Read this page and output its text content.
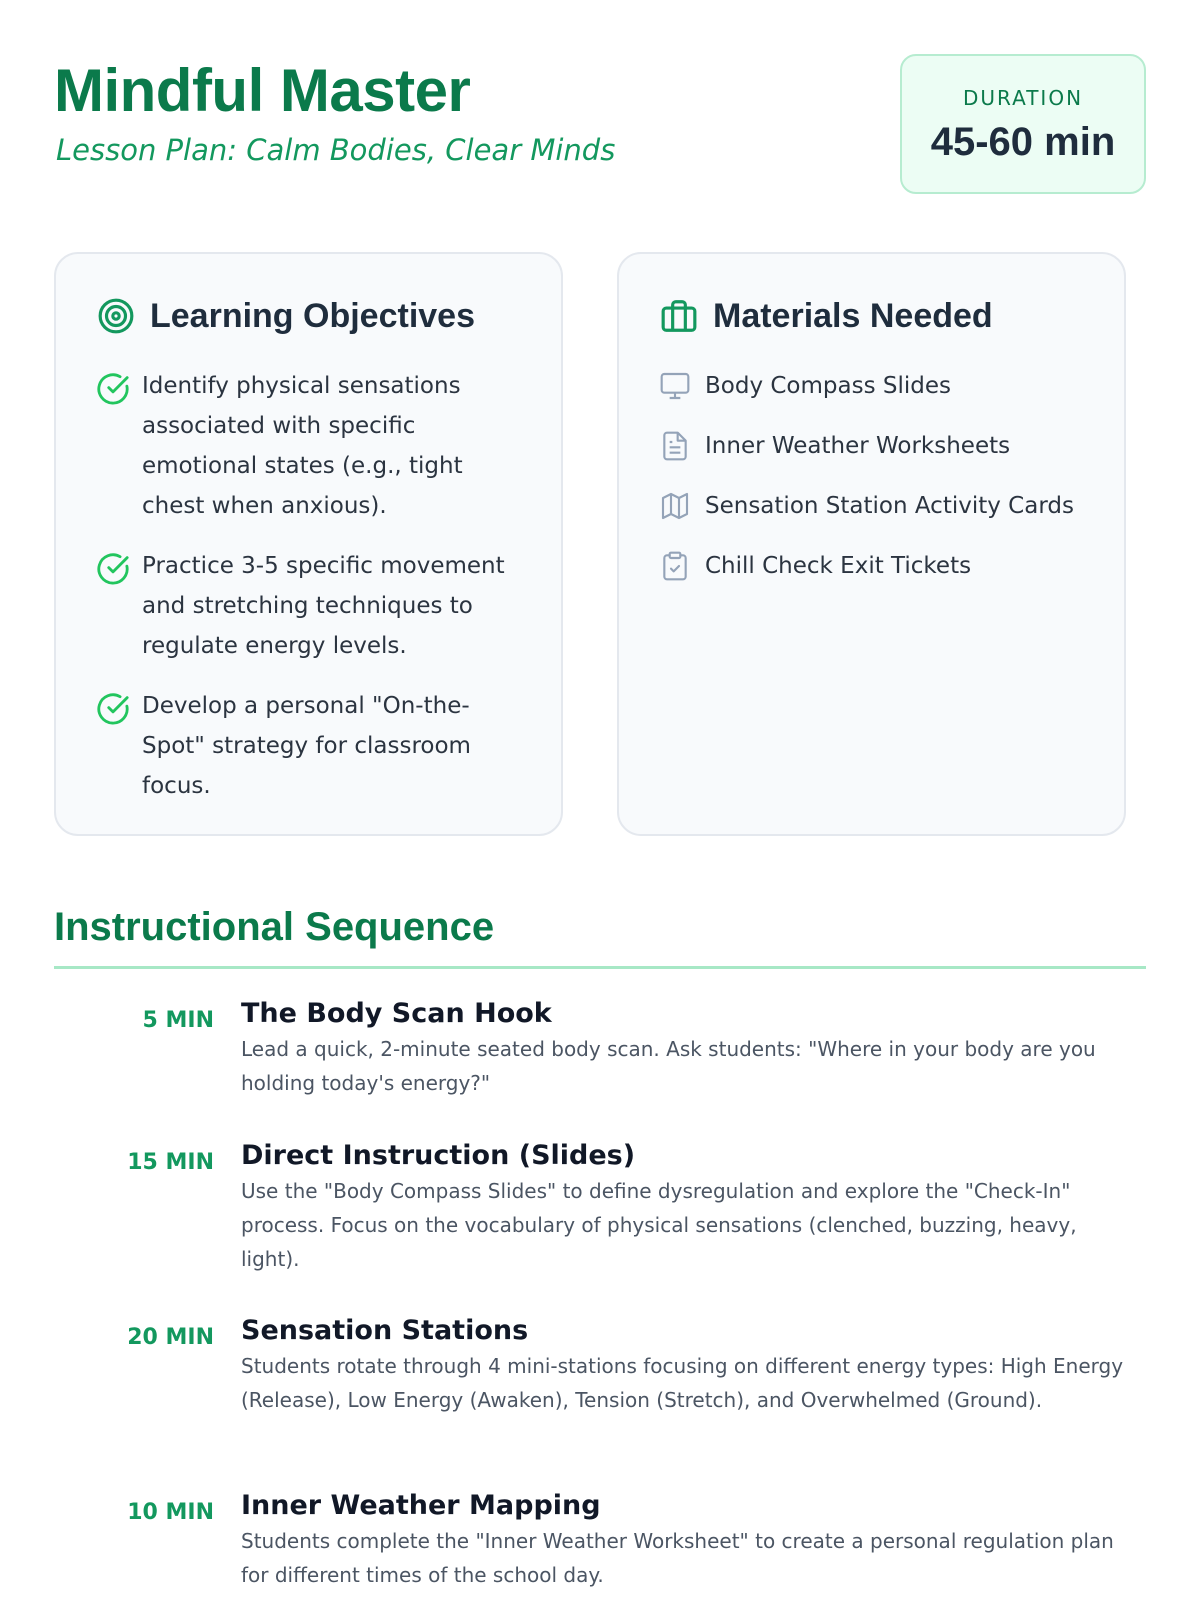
Mindful Master

Lesson Plan: Calm Bodies, Clear Minds

DURATION
45-60 min
Learning Objectives
Identify physical sensations associated with specific emotional states (e.g., tight chest when anxious).
Practice 3-5 specific movement and stretching techniques to regulate energy levels.
Develop a personal "On-the-Spot" strategy for classroom focus.
Materials Needed
Body Compass Slides
Inner Weather Worksheets
Sensation Station Activity Cards
Chill Check Exit Tickets
Instructional Sequence
5 MIN The Body Scan Hook

Lead a quick, 2-minute seated body scan. Ask students: "Where in your body are you holding today's energy?"

15 MIN Direct Instruction (Slides)

Use the "Body Compass Slides" to define dysregulation and explore the "Check-In" process. Focus on the vocabulary of physical sensations (clenched, buzzing, heavy, light).

20 MIN Sensation Stations

Students rotate through 4 mini-stations focusing on different energy types: High Energy (Release), Low Energy (Awaken), Tension (Stretch), and Overwhelmed (Ground).

10 MIN Inner Weather Mapping

Students complete the "Inner Weather Worksheet" to create a personal regulation plan for different times of the school day.
